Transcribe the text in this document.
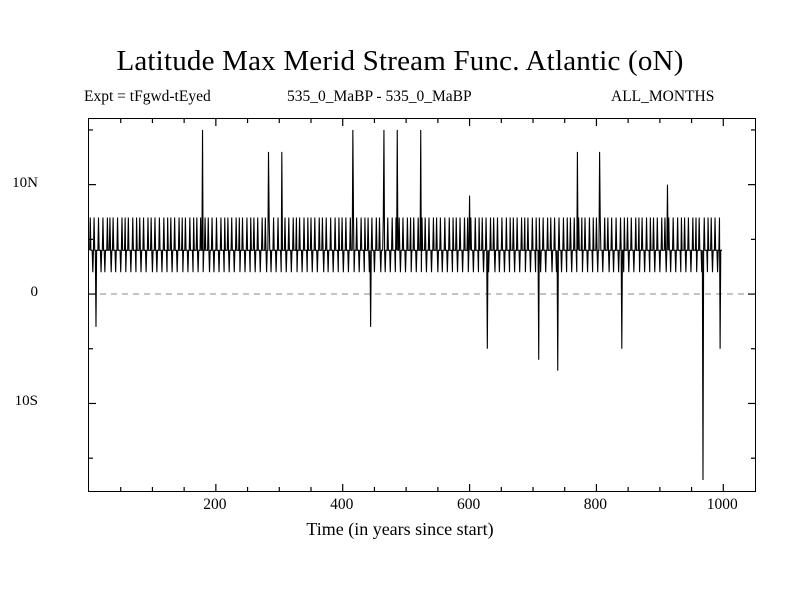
Latitude Max Merid Stream Func. Atlantic (oN)
Expt = tFgwd-tEyed	535_0_MaBP - 535_0_MaBP	ALL_MONTHS
10N
0
10S
200	400	600	800	1000
Time (in years since start)
